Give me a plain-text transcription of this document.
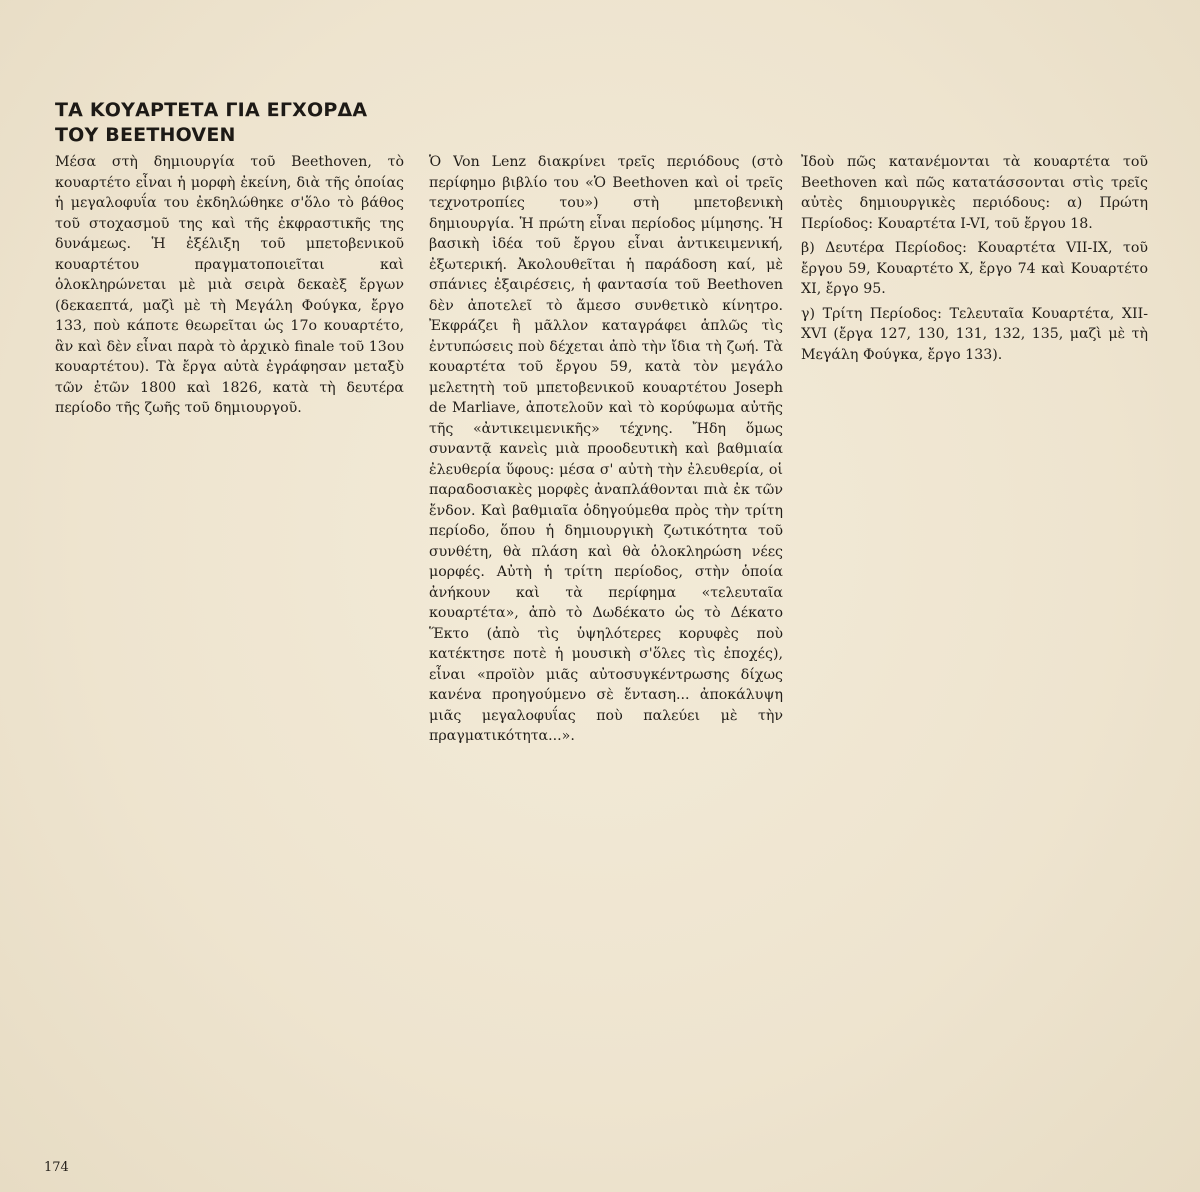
ΤΑ ΚΟΥΑΡΤΕΤΑ ΓΙΑ ΕΓΧΟΡΔΑ
ΤΟΥ BEETHOVEN

Μέσα στὴ δημιουργία τοῦ Beethoven, τὸ κουαρτέτο εἶναι ἡ μορφὴ ἐκείνη, διὰ τῆς ὁποίας ἡ μεγαλοφυΐα του ἐκδηλώθηκε σ'ὅλο τὸ βάθος τοῦ στοχασμοῦ της καὶ τῆς ἐκφραστικῆς της δυνάμεως. Ἡ ἐξέλιξη τοῦ μπετοβενικοῦ κουαρτέτου πραγματοποιεῖται καὶ ὁλοκληρώνεται μὲ μιὰ σειρὰ δεκαὲξ ἔργων (δεκαεπτά, μαζὶ μὲ τὴ Μεγάλη Φούγκα, ἔργο 133, ποὺ κάποτε θεωρεῖται ὡς 17ο κουαρτέτο, ἂν καὶ δὲν εἶναι παρὰ τὸ ἀρχικὸ finale τοῦ 13ου κουαρτέτου). Τὰ ἔργα αὐτὰ ἐγράφησαν μεταξὺ τῶν ἐτῶν 1800 καὶ 1826, κατὰ τὴ δευτέρα περίοδο τῆς ζωῆς τοῦ δημιουργοῦ.

Ὁ Von Lenz διακρίνει τρεῖς περιόδους (στὸ περίφημο βιβλίο του «Ὁ Beethoven καὶ οἱ τρεῖς τεχνοτροπίες του») στὴ μπετοβενικὴ δημιουργία. Ἡ πρώτη εἶναι περίοδος μίμησης. Ἡ βασικὴ ἰδέα τοῦ ἔργου εἶναι ἀντικειμενική, ἐξωτερική. Ἀκολουθεῖται ἡ παράδοση καί, μὲ σπάνιες ἐξαιρέσεις, ἡ φαντασία τοῦ Beethoven δὲν ἀποτελεῖ τὸ ἄμεσο συνθετικὸ κίνητρο. Ἐκφράζει ἢ μᾶλλον καταγράφει ἁπλῶς τὶς ἐντυπώσεις ποὺ δέχεται ἀπὸ τὴν ἴδια τὴ ζωή. Τὰ κουαρτέτα τοῦ ἔργου 59, κατὰ τὸν μεγάλο μελετητὴ τοῦ μπετοβενικοῦ κουαρτέτου Joseph de Marliave, ἀποτελοῦν καὶ τὸ κορύφωμα αὐτῆς τῆς «ἀντικειμενικῆς» τέχνης. Ἤδη ὅμως συναντᾷ κανεὶς μιὰ προοδευτικὴ καὶ βαθμιαία ἐλευθερία ὕφους: μέσα σ' αὐτὴ τὴν ἐλευθερία, οἱ παραδοσιακὲς μορφὲς ἀναπλάθονται πιὰ ἐκ τῶν ἔνδον. Καὶ βαθμιαῖα ὁδηγούμεθα πρὸς τὴν τρίτη περίοδο, ὅπου ἡ δημιουργικὴ ζωτικότητα τοῦ συνθέτη, θὰ πλάση καὶ θὰ ὁλοκληρώση νέες μορφές. Αὐτὴ ἡ τρίτη περίοδος, στὴν ὁποία ἀνήκουν καὶ τὰ περίφημα «τελευταῖα κουαρτέτα», ἀπὸ τὸ Δωδέκατο ὡς τὸ Δέκατο Ἕκτο (ἀπὸ τὶς ὑψηλότερες κορυφὲς ποὺ κατέκτησε ποτὲ ἡ μουσικὴ σ'ὅλες τὶς ἐποχές), εἶναι «προϊὸν μιᾶς αὐτοσυγκέντρωσης δίχως κανένα προηγούμενο σὲ ἔνταση... ἀποκάλυψη μιᾶς μεγαλοφυΐας ποὺ παλεύει μὲ τὴν πραγματικότητα...».

Ἰδοὺ πῶς κατανέμονται τὰ κουαρτέτα τοῦ Beethoven καὶ πῶς κατατάσσονται στὶς τρεῖς αὐτὲς δημιουργικὲς περιόδους: α) Πρώτη Περίοδος: Κουαρτέτα I-VI, τοῦ ἔργου 18.

β) Δευτέρα Περίοδος: Κουαρτέτα VII-IX, τοῦ ἔργου 59, Κουαρτέτο X, ἔργο 74 καὶ Κουαρτέτο XI, ἔργο 95.

γ) Τρίτη Περίοδος: Τελευταῖα Κουαρτέτα, XII-XVI (ἔργα 127, 130, 131, 132, 135, μαζὶ μὲ τὴ Μεγάλη Φούγκα, ἔργο 133).

174
